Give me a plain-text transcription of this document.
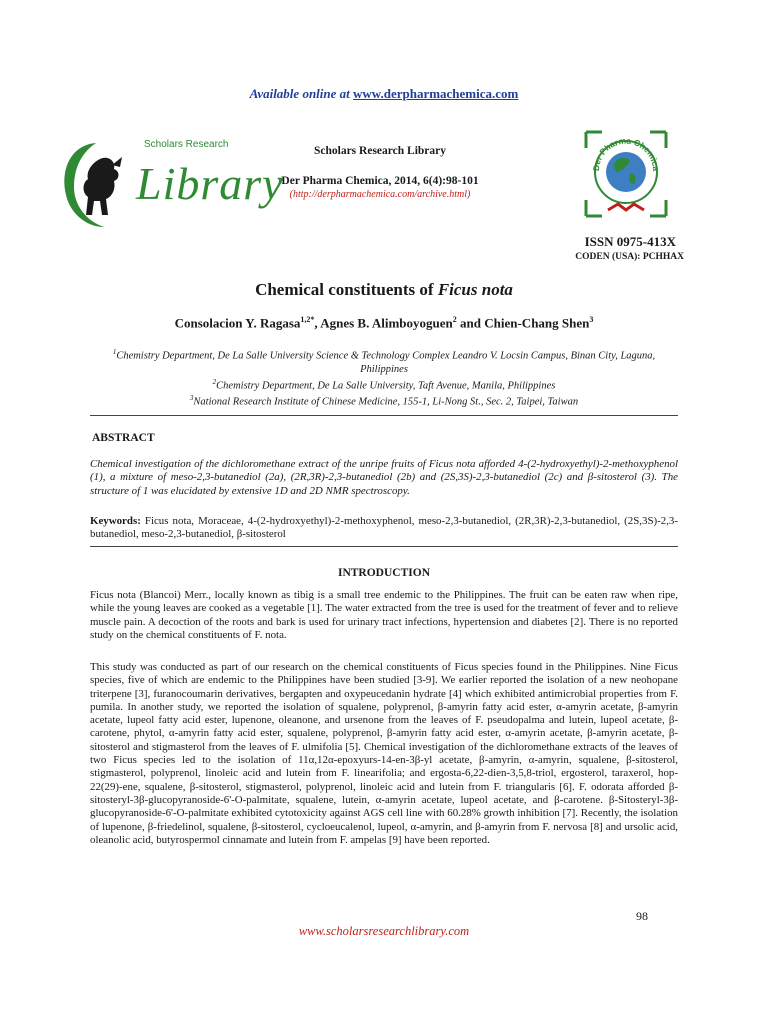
Available online at www.derpharmachemica.com
Scholars Research
Library
Scholars Research Library
Der Pharma Chemica, 2014, 6(4):98-101
(http://derpharmachemica.com/archive.html)
Der Pharma Chemica
ISSN 0975-413X
CODEN (USA): PCHHAX
Chemical constituents of Ficus nota
Consolacion Y. Ragasa$^{1,2*}$, Agnes B. Alimboyoguen$^2$ and Chien-Chang Shen$^3$
$^1$Chemistry Department, De La Salle University Science & Technology Complex Leandro V. Locsin Campus, Binan City, Laguna, Philippines
$^2$Chemistry Department, De La Salle University, Taft Avenue, Manila, Philippines
$^3$National Research Institute of Chinese Medicine, 155-1, Li-Nong St., Sec. 2, Taipei, Taiwan
ABSTRACT
Chemical investigation of the dichloromethane extract of the unripe fruits of Ficus nota afforded 4-(2-hydroxyethyl)-2-methoxyphenol (1), a mixture of meso-2,3-butanediol (2a), (2R,3R)-2,3-butanediol (2b) and (2S,3S)-2,3-butanediol (2c) and β-sitosterol (3). The structure of 1 was elucidated by extensive 1D and 2D NMR spectroscopy.
Keywords: Ficus nota, Moraceae, 4-(2-hydroxyethyl)-2-methoxyphenol, meso-2,3-butanediol, (2R,3R)-2,3-butanediol, (2S,3S)-2,3-butanediol, meso-2,3-butanediol, β-sitosterol
INTRODUCTION
Ficus nota (Blancoi) Merr., locally known as tibig is a small tree endemic to the Philippines. The fruit can be eaten raw when ripe, while the young leaves are cooked as a vegetable [1]. The water extracted from the tree is used for the treatment of fever and to relieve muscle pain. A decoction of the roots and bark is used for urinary tract infections, hypertension and diabetes [2]. There is no reported study on the chemical constituents of F. nota.
This study was conducted as part of our research on the chemical constituents of Ficus species found in the Philippines. Nine Ficus species, five of which are endemic to the Philippines have been studied [3-9]. We earlier reported the isolation of a new neohopane triterpene [3], furanocoumarin derivatives, bergapten and oxypeucedanin hydrate [4] which exhibited antimicrobial properties from F. pumila. In another study, we reported the isolation of squalene, polyprenol, β-amyrin fatty acid ester, α-amyrin acetate, β-amyrin acetate, lupeol fatty acid ester, lupenone, oleanone, and ursenone from the leaves of F. pseudopalma and lutein, lupeol acetate, β-carotene, phytol, α-amyrin fatty acid ester, squalene, polyprenol, β-amyrin fatty acid ester, α-amyrin acetate, β-amyrin acetate, β-sitosterol and stigmasterol from the leaves of F. ulmifolia [5]. Chemical investigation of the dichloromethane extracts of the leaves of two Ficus species led to the isolation of 11α,12α-epoxyurs-14-en-3β-yl acetate, β-amyrin, α-amyrin, squalene, β-sitosterol, stigmasterol, polyprenol, linoleic acid and lutein from F. linearifolia; and ergosta-6,22-dien-3,5,8-triol, ergosterol, taraxerol, hop-22(29)-ene, squalene, β-sitosterol, stigmasterol, polyprenol, linoleic acid and lutein from F. triangularis [6]. F. odorata afforded β-sitosteryl-3β-glucopyranoside-6'-O-palmitate, squalene, lutein, α-amyrin acetate, lupeol acetate, and β-carotene. β-Sitosteryl-3β-glucopyranoside-6'-O-palmitate exhibited cytotoxicity against AGS cell line with 60.28% growth inhibition [7]. Recently, the isolation of lupenone, β-friedelinol, squalene, β-sitosterol, cycloeucalenol, lupeol, α-amyrin, and β-amyrin from F. nervosa [8] and ursolic acid, oleanolic acid, butyrospermol cinnamate and lutein from F. ampelas [9] have been reported.
98
www.scholarsresearchlibrary.com
